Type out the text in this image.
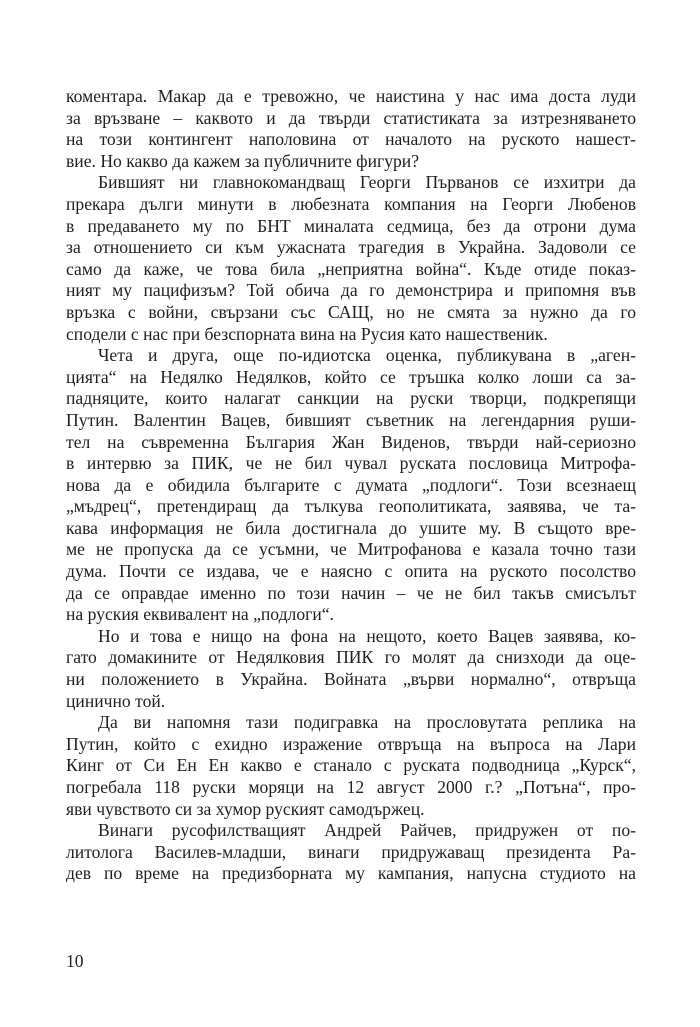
коментара. Макар да е тревожно, че наистина у нас има доста луди
за връзване – каквото и да твърди статистиката за изтрезняването
на този контингент наполовина от началото на руското нашест-
вие. Но какво да кажем за публичните фигури?

Бившият ни главнокомандващ Георги Първанов се изхитри да
прекара дълги минути в любезната компания на Георги Любенов
в предаването му по БНТ миналата седмица, без да отрони дума
за отношението си към ужасната трагедия в Украйна. Задоволи се
само да каже, че това била „неприятна война“. Къде отиде показ-
ният му пацифизъм? Той обича да го демонстрира и припомня във
връзка с войни, свързани със САЩ, но не смята за нужно да го
сподели с нас при безспорната вина на Русия като нашественик.

Чета и друга, още по-идиотска оценка, публикувана в „аген-
цията“ на Недялко Недялков, който се тръшка колко лоши са за-
падняците, които налагат санкции на руски творци, подкрепящи
Путин. Валентин Вацев, бившият съветник на легендарния руши-
тел на съвременна България Жан Виденов, твърди най-сериозно
в интервю за ПИК, че не бил чувал руската пословица Митрофа-
нова да е обидила българите с думата „подлоги“. Този всезнаещ
„мъдрец“, претендиращ да тълкува геополитиката, заявява, че та-
кава информация не била достигнала до ушите му. В същото вре-
ме не пропуска да се усъмни, че Митрофанова е казала точно тази
дума. Почти се издава, че е наясно с опита на руското посолство
да се оправдае именно по този начин – че не бил такъв смисълът
на руския еквивалент на „подлоги“.

Но и това е нищо на фона на нещото, което Вацев заявява, ко-
гато домакините от Недялковия ПИК го молят да снизходи да оце-
ни положението в Украйна. Войната „върви нормално“, отвръща
цинично той.

Да ви напомня тази подигравка на прословутата реплика на
Путин, който с ехидно изражение отвръща на въпроса на Лари
Кинг от Си Ен Ен какво е станало с руската подводница „Курск“,
погребала 118 руски моряци на 12 август 2000 г.? „Потъна“, про-
яви чувството си за хумор руският самодържец.

Винаги русофилстващият Андрей Райчев, придружен от по-
литолога Василев-младши, винаги придружаващ президента Ра-
дев по време на предизборната му кампания, напусна студиото на

10
